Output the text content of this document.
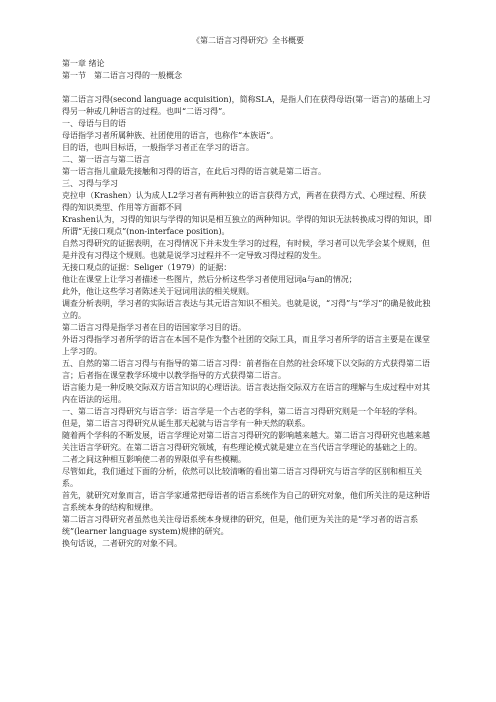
《第二语言习得研究》全书概要

第一章 绪论

第一节　第二语言习得的一般概念

第二语言习得(second language acquisition)，简称SLA，是指人们在获得母语(第一语言)的基础上习得另一种或几种语言的过程。也叫“二语习得”。

一、母语与目的语

母语指学习者所属种族、社团使用的语言，也称作“本族语”。

目的语，也叫目标语，一般指学习者正在学习的语言。

二、第一语言与第二语言

第一语言指儿童最先接触和习得的语言，在此后习得的语言就是第二语言。

三、习得与学习

克拉申（Krashen）认为成人L2学习者有两种独立的语言获得方式，两者在获得方式、心理过程、所获得的知识类型、作用等方面都不同

Krashen认为，习得的知识与学得的知识是相互独立的两种知识。学得的知识无法转换成习得的知识，即所谓“无接口观点”(non-interface position)。

自然习得研究的证据表明，在习得情况下并未发生学习的过程，有时候，学习者可以先学会某个规则，但是并没有习得这个规则。也就是说学习过程并不一定导致习得过程的发生。

无接口观点的证据：Seliger（1979）的证据：

他让在课堂上让学习者描述一些图片，然后分析这些学习者使用冠词a与an的情况；

此外，他让这些学习者陈述关于冠词用法的相关规则。

调查分析表明，学习者的实际语言表达与其元语言知识不相关。也就是说，“习得”与“学习”的确是彼此独立的。

第二语言习得是指学习者在目的语国家学习目的语。

外语习得指学习者所学的语言在本国不是作为整个社团的交际工具，而且学习者所学的语言主要是在课堂上学习的。

五、自然的第二语言习得与有指导的第二语言习得：前者指在自然的社会环境下以交际的方式获得第二语言；后者指在课堂教学环境中以教学指导的方式获得第二语言。

语言能力是一种反映交际双方语言知识的心理语法。语言表达指交际双方在语言的理解与生成过程中对其内在语法的运用。

一、第二语言习得研究与语言学：语言学是一个古老的学科，第二语言习得研究则是一个年轻的学科。

但是，第二语言习得研究从诞生那天起就与语言学有一种天然的联系。

随着两个学科的不断发展，语言学理论对第二语言习得研究的影响越来越大。第二语言习得研究也越来越关注语言学研究。在第二语言习得研究领域，有些理论模式就是建立在当代语言学理论的基础之上的。

二者之间这种相互影响使二者的界限似乎有些模糊。

尽管如此，我们通过下面的分析，依然可以比较清晰的看出第二语言习得研究与语言学的区别和相互关系。

首先，就研究对象而言，语言学家通常把母语者的语言系统作为自己的研究对象，他们所关注的是这种语言系统本身的结构和规律。

第二语言习得研究者虽然也关注母语系统本身规律的研究，但是，他们更为关注的是“学习者的语言系统”(learner language system)规律的研究。

换句话说，二者研究的对象不同。
